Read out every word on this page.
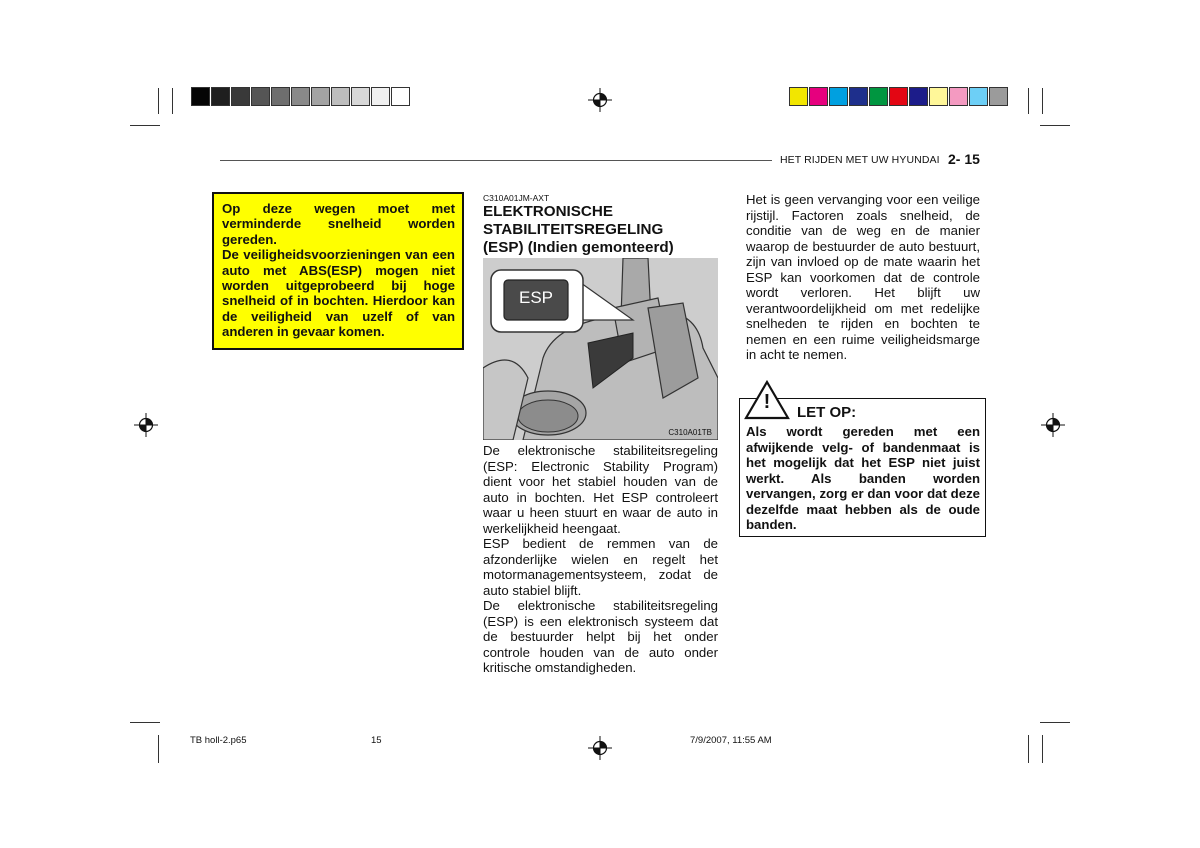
HET RIJDEN MET UW HYUNDAI 2- 15

Op deze wegen moet met verminderde snelheid worden gereden.

De veiligheidsvoorzieningen van een auto met ABS(ESP) mogen niet worden uitgeprobeerd bij hoge snelheid of in bochten. Hierdoor kan de veiligheid van uzelf of van anderen in gevaar komen.

C310A01JM-AXT
ELEKTRONISCHE
STABILITEITSREGELING
(ESP) (Indien gemonteerd)
ESP
C310A01TB

De elektronische stabiliteitsregeling (ESP: Electronic Stability Program) dient voor het stabiel houden van de auto in bochten. Het ESP controleert waar u heen stuurt en waar de auto in werkelijkheid heengaat.

ESP bedient de remmen van de afzonderlijke wielen en regelt het motormanagementsysteem, zodat de auto stabiel blijft.

De elektronische stabiliteitsregeling (ESP) is een elektronisch systeem dat de bestuurder helpt bij het onder controle houden van de auto onder kritische omstandigheden.

Het is geen vervanging voor een veilige rijstijl. Factoren zoals snelheid, de conditie van de weg en de manier waarop de bestuurder de auto bestuurt, zijn van invloed op de mate waarin het ESP kan voorkomen dat de controle wordt verloren. Het blijft uw verantwoordelijkheid om met redelijke snelheden te rijden en bochten te nemen en een ruime veiligheidsmarge in acht te nemen.

! LET OP:
Als wordt gereden met een afwijkende velg- of bandenmaat is het mogelijk dat het ESP niet juist werkt. Als banden worden vervangen, zorg er dan voor dat deze dezelfde maat hebben als de oude banden.
TB holl-2.p65	15	7/9/2007, 11:55 AM
